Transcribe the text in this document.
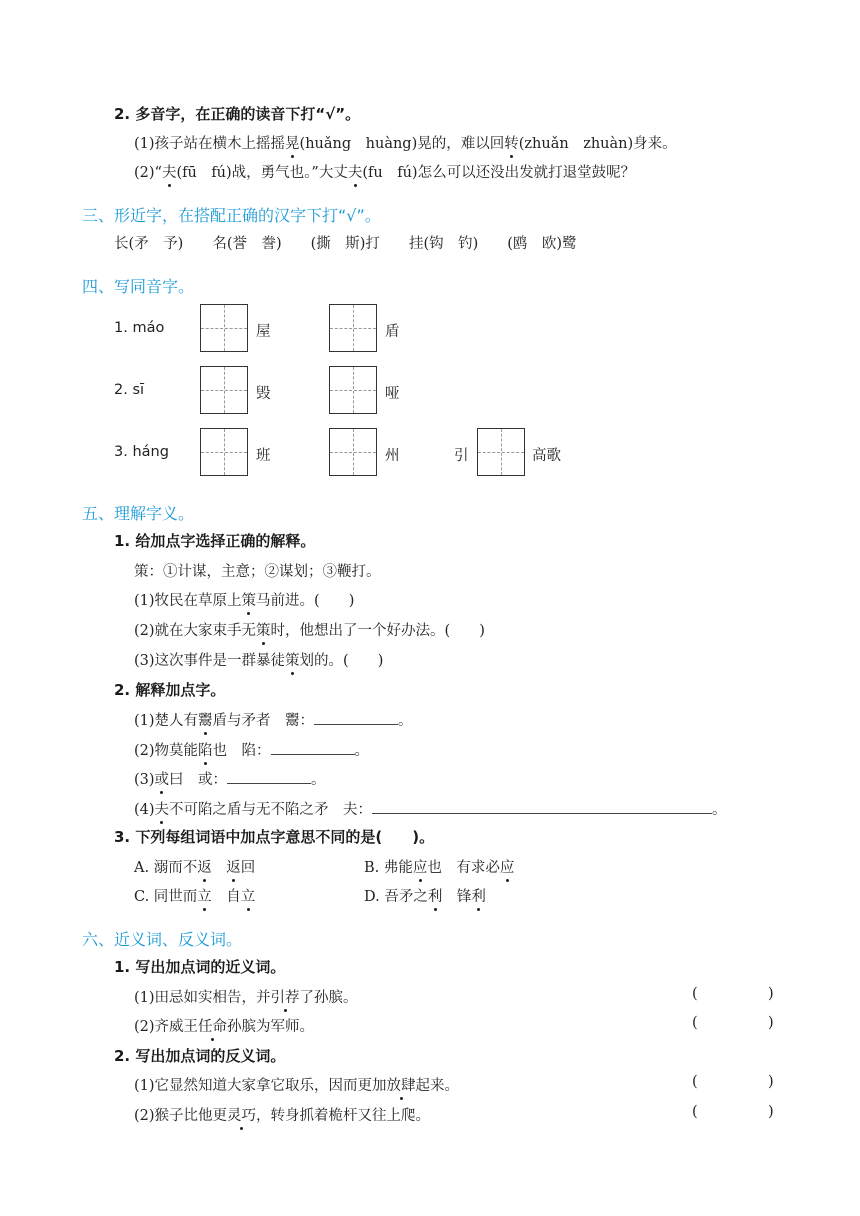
2. 多音字，在正确的读音下打“√”。
(1)孩子站在横木上摇摇晃(huǎng　huàng)晃的，难以回转(zhuǎn　zhuàn)身来。
(2)“夫(fū　fú)战，勇气也。”大丈夫(fu　fú)怎么可以还没出发就打退堂鼓呢？
三、形近字，在搭配正确的汉字下打“√”。
长(矛　予)　　名(誉　誊)　　(撕　斯)打　　挂(钩　钓)　　(鸥　欧)鹭
四、写同音字。
1. máo	屋	盾
2. sī	毁	哑
3. háng	班	州	引	高歌
五、理解字义。
1. 给加点字选择正确的解释。
策：①计谋，主意；②谋划；③鞭打。
(1)牧民在草原上策马前进。(　　)
(2)就在大家束手无策时，他想出了一个好办法。(　　)
(3)这次事件是一群暴徒策划的。(　　)
2. 解释加点字。
(1)楚人有鬻盾与矛者　鬻：	。
(2)物莫能陷也　陷：	。
(3)或曰　或：	。
(4)夫不可陷之盾与无不陷之矛　夫：	。
3. 下列每组词语中加点字意思不同的是(　　)。
A. 溺而不返　 返回	B. 弗能应也　有求必应
C. 同世而立　自立	D. 吾矛之利　锋利
六、近义词、反义词。
1. 写出加点词的近义词。
(1)田忌如实相告，并引荐了孙膑。	(	)
(2)齐威王任命孙膑为军师。	(	)
2. 写出加点词的反义词。
(1)它显然知道大家拿它取乐，因而更加放肆起来。	(	)
(2)猴子比他更灵巧，转身抓着桅杆又往上爬。	(	)
